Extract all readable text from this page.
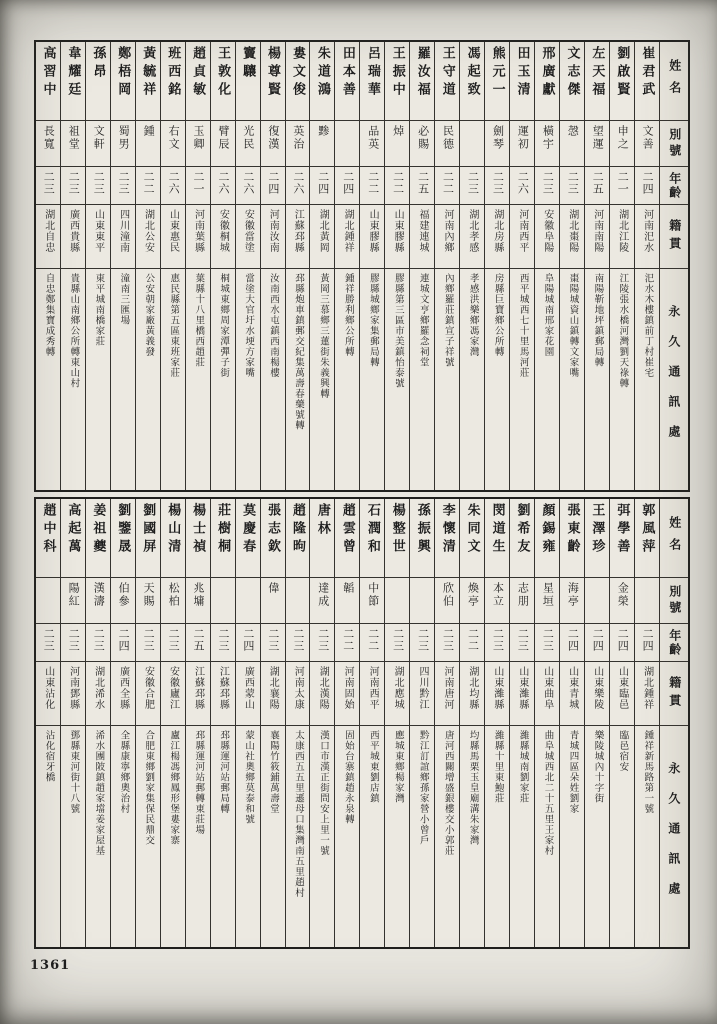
高習中
長寬
二三
湖北自忠
自忠鄭集寶成秀轉
韋耀廷
祖堂
二三
廣西貴縣
貴縣山南鄉公所轉東山村
孫昂
文軒
二三
山東東平
東平城南橋家莊
鄭梧岡
蜀男
二三
四川潼南
潼南三匯場
黃毓祥
鍾
二二
湖北公安
公安朝家廠黃義發
班西銘
右文
二六
山東惠民
惠民縣第五區東班家莊
趙貞敏
玉卿
二一
河南葉縣
葉縣十八里橋西趙莊
王敦化
臂辰
二六
安徽桐城
桐城東鄉周家潭彈子街
竇驤
光民
二六
安徽當塗
當塗大官圩水埂方家嘴
楊尊賢
復漢
二四
河南汝南
汝南西水屯鎮西南楊樓
婁文俊
英治
二六
江蘇邳縣
邳縣炮車鎮郵交紀集萬壽春藥號轉
朱道鴻
黪
二四
湖北黃岡
黃岡三慕鄉三蓮街朱義興轉
田本善
二四
湖北鍾祥
鍾祥勝利鄉公所轉
呂瑞華
品英
二二
山東膠縣
膠縣城鄉家集郵局轉
王振中
焯
二二
山東膠縣
膠縣第三區市美鎮怡泰號
羅汝福
必賜
二五
福建連城
連城文亨鄉羅念祠堂
王守道
民德
二二
河南內鄉
內鄉羅莊鎮宣子祥號
馮起致
二三
湖北孝感
孝感洪樂鄉馮家灣
熊元一
劍琴
二三
湖北房縣
房縣巨寶鄉公所轉
田玉清
運初
二六
河南西平
西平城西七十里馬河莊
邢廣獻
橫宇
二三
安徽阜陽
阜陽城南邢家花園
文志傑
愨
二三
湖北棗陽
棗陽城資山鎮轉文家嘴
左天福
望運
二五
河南南陽
南陽靳地坪鎮郵局轉
劉啟賢
申之
二一
湖北江陵
江陵張水橋河灣劉天祿轉
崔君武
文善
二四
河南汜水
汜水木樓鎮前丁村崔宅
姓名
別號
年齡
籍貫
永久通訊處
趙中科
二三
山東沾化
沾化宿牙橋
高起萬
陽紅
二三
河南鄧縣
鄧縣東河街十八號
姜祖夔
漢濤
二三
湖北浠水
浠水團陂鎮趙家壋姜家屋基
劉鑒晟
伯參
二四
廣西全縣
全縣康寧鄉奧治村
劉國屏
天賜
二三
安徽合肥
合肥東鄉劉家集保民鼎交
楊山清
松柏
二三
安徽廬江
廬江楊馮鄉鳳形堡婁家寨
楊士禎
兆墉
二五
江蘇邳縣
邳縣運河站郵轉東莊場
莊樹桐
二三
江蘇邳縣
邳縣運河站郵局轉
莫慶春
二四
廣西蒙山
蒙山社奧鄉莫泰和號
張志欽
偉
二三
湖北襄陽
襄陽竹筱鋪萬壽堂
趙隆昫
二三
河南太康
太康西五五里遜母口集灣南五里趙村
唐林
達成
二三
湖北漢陽
漢口市漢正街問安上里一號
趙雲曾
韜
二二
河南固始
固始台寨鎮趙永泉轉
石潤和
中節
二二
河南西平
西平城東劉店鎮
楊整世
二三
湖北應城
應城東鄉楊家灣
孫振興
二三
四川黔江
黔江訂誼鄉孫家營小曾戶
李懷清
欣伯
二三
河南唐河
唐河西關增盛銀樓交小郭莊
朱同文
煥亭
二二
湖北均縣
均縣馬栗玉皇廟溝朱家灣
閔道生
本立
二三
山東濰縣
濰縣十里東鮑莊
劉希友
志朋
二三
山東濰縣
濰縣城南劉家莊
顏錫雍
星垣
二三
山東曲阜
曲阜城西北二十五里王家村
張東齡
海亭
二四
山東青城
青城四區朵姓劉家
王澤珍
二四
山東樂陵
樂陵城內十字街
弭學善
金榮
二四
山東臨邑
臨邑宿安
郭風萍
二四
湖北鍾祥
鍾祥新馬路第一號
姓名
別號
年齡
籍貫
永久通訊處
1361
